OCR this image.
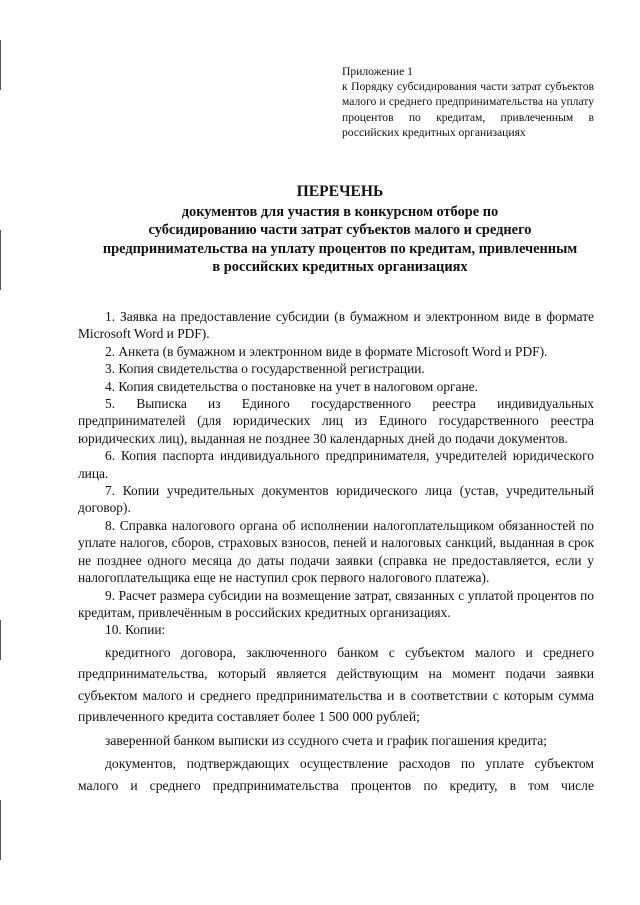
Приложение 1

к Порядку субсидирования части затрат субъектов малого и среднего предпринимательства на уплату процентов по кредитам, привлеченным в российских кредитных организациях

ПЕРЕЧЕНЬ
документов для участия в конкурсном отборе по
субсидированию части затрат субъектов малого и среднего
предпринимательства на уплату процентов по кредитам, привлеченным
в российских кредитных организациях

1. Заявка на предоставление субсидии (в бумажном и электронном виде в формате Microsoft Word и PDF).

2. Анкета (в бумажном и электронном виде в формате Microsoft Word и PDF).

3. Копия свидетельства о государственной регистрации.

4. Копия свидетельства о постановке на учет в налоговом органе.

5. Выписка из Единого государственного реестра индивидуальных предпринимателей (для юридических лиц из Единого государственного реестра юридических лиц), выданная не позднее 30 календарных дней до подачи документов.

6. Копия паспорта индивидуального предпринимателя, учредителей юридического лица.

7. Копии учредительных документов юридического лица (устав, учредительный договор).

8. Справка налогового органа об исполнении налогоплательщиком обязанностей по уплате налогов, сборов, страховых взносов, пеней и налоговых санкций, выданная в срок не позднее одного месяца до даты подачи заявки (справка не предоставляется, если у налогоплательщика еще не наступил срок первого налогового платежа).

9. Расчет размера субсидии на возмещение затрат, связанных с уплатой процентов по кредитам, привлечённым в российских кредитных организациях.

10. Копии:

кредитного договора, заключенного банком с субъектом малого и среднего предпринимательства, который является действующим на момент подачи заявки субъектом малого и среднего предпринимательства и в соответствии с которым сумма привлеченного кредита составляет более 1 500 000 рублей;

заверенной банком выписки из ссудного счета и график погашения кредита;

документов, подтверждающих осуществление расходов по уплате субъектом малого и среднего предпринимательства процентов по кредиту, в том числе
